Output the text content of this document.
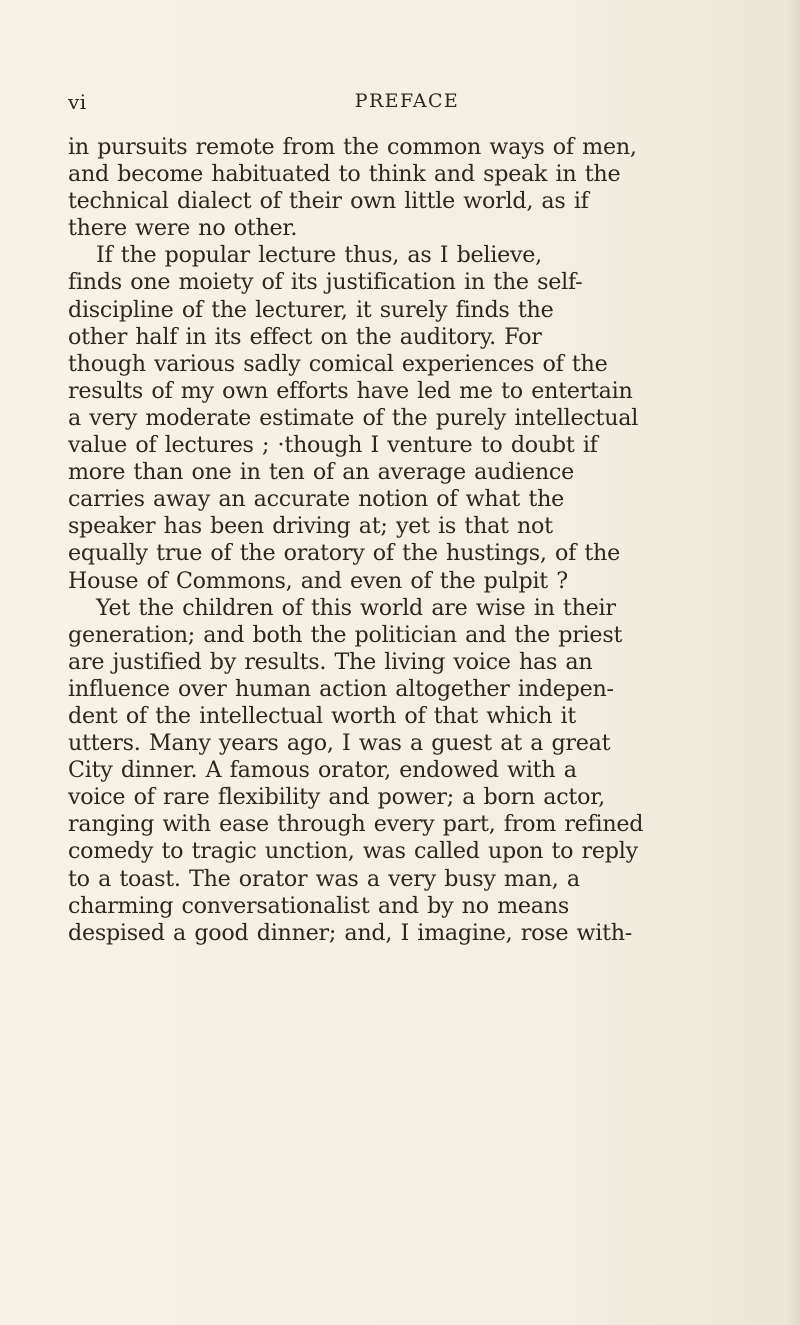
vi	PREFACE
in pursuits remote from the common ways of men,
and become habituated to think and speak in the
technical dialect of their own little world, as if
there were no other.
If the popular lecture thus, as I believe,
finds one moiety of its justification in the self-
discipline of the lecturer, it surely finds the
other half in its effect on the auditory. For
though various sadly comical experiences of the
results of my own efforts have led me to entertain
a very moderate estimate of the purely intellectual
value of lectures ; ·though I venture to doubt if
more than one in ten of an average audience
carries away an accurate notion of what the
speaker has been driving at; yet is that not
equally true of the oratory of the hustings, of the
House of Commons, and even of the pulpit ?
Yet the children of this world are wise in their
generation; and both the politician and the priest
are justified by results. The living voice has an
influence over human action altogether indepen-
dent of the intellectual worth of that which it
utters. Many years ago, I was a guest at a great
City dinner. A famous orator, endowed with a
voice of rare flexibility and power; a born actor,
ranging with ease through every part, from refined
comedy to tragic unction, was called upon to reply
to a toast. The orator was a very busy man, a
charming conversationalist and by no means
despised a good dinner; and, I imagine, rose with-
